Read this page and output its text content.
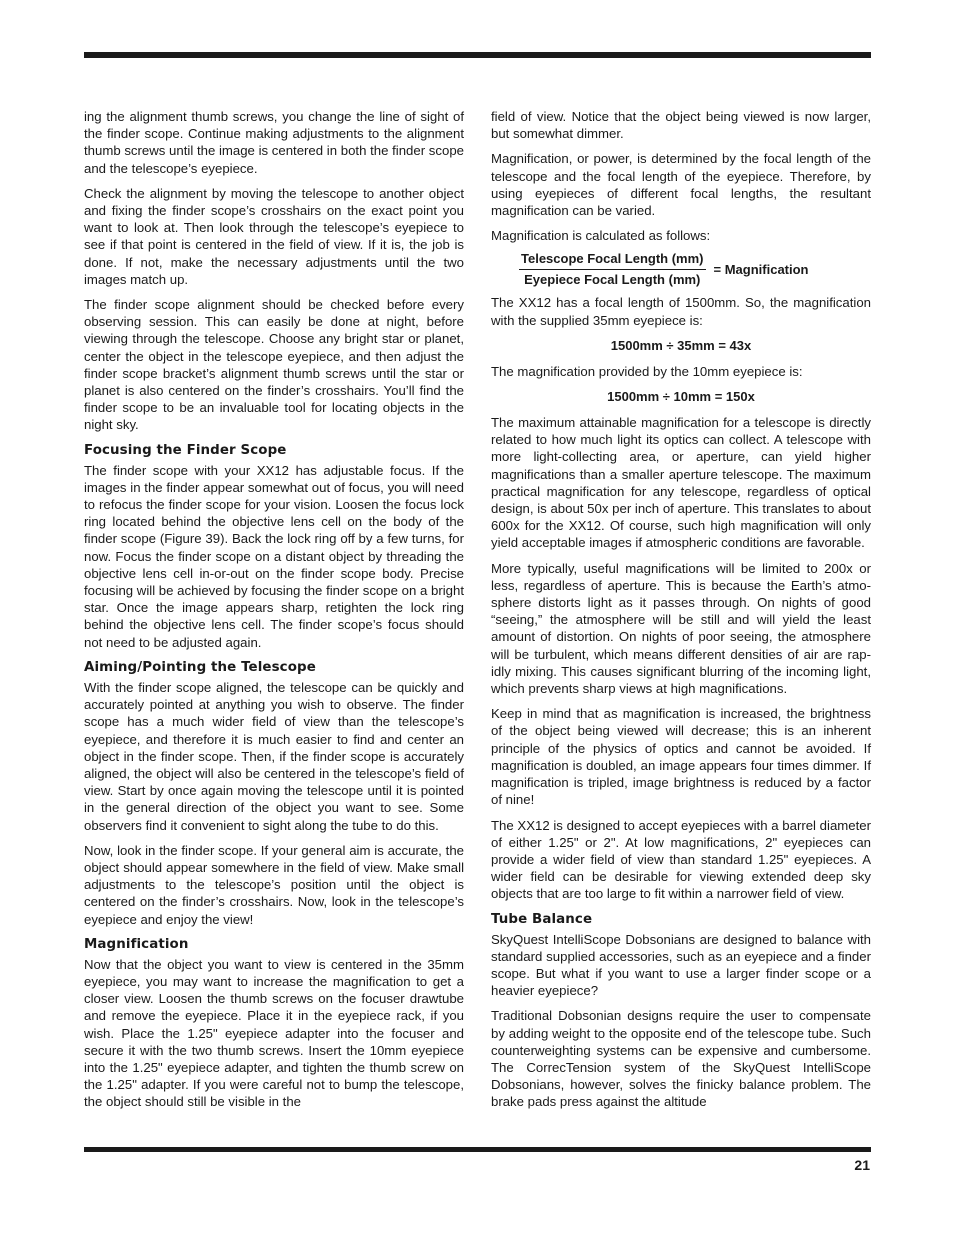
ing the alignment thumb screws, you change the line of sight of the finder scope. Continue making adjustments to the alignment thumb screws until the image is centered in both the finder scope and the telescope’s eyepiece.

Check the alignment by moving the telescope to another object and fixing the finder scope’s crosshairs on the exact point you want to look at. Then look through the telescope’s eyepiece to see if that point is centered in the field of view. If it is, the job is done. If not, make the necessary adjustments until the two images match up.

The finder scope alignment should be checked before every observing session. This can easily be done at night, before viewing through the telescope. Choose any bright star or planet, center the object in the telescope eyepiece, and then adjust the finder scope bracket’s alignment thumb screws until the star or planet is also centered on the finder’s crosshairs. You’ll find the finder scope to be an invaluable tool for locating objects in the night sky.

Focusing the Finder Scope

The finder scope with your XX12 has adjustable focus. If the images in the finder appear somewhat out of focus, you will need to refocus the finder scope for your vision. Loosen the focus lock ring located behind the objective lens cell on the body of the finder scope (Figure 39). Back the lock ring off by a few turns, for now. Focus the finder scope on a distant object by threading the objective lens cell in-or-out on the finder scope body. Precise focusing will be achieved by focusing the finder scope on a bright star. Once the image appears sharp, retighten the lock ring behind the objective lens cell. The finder scope’s focus should not need to be adjusted again.

Aiming/Pointing the Telescope

With the finder scope aligned, the telescope can be quickly and accurately pointed at anything you wish to observe. The finder scope has a much wider field of view than the telescope’s eyepiece, and therefore it is much easier to find and center an object in the finder scope. Then, if the finder scope is accurately aligned, the object will also be centered in the telescope’s field of view. Start by once again moving the telescope until it is pointed in the general direction of the object you want to see. Some observers find it convenient to sight along the tube to do this.

Now, look in the finder scope. If your general aim is accurate, the object should appear somewhere in the field of view. Make small adjustments to the telescope’s position until the object is centered on the finder’s crosshairs. Now, look in the telescope’s eyepiece and enjoy the view!

Magnification

Now that the object you want to view is centered in the 35mm eyepiece, you may want to increase the magnification to get a closer view. Loosen the thumb screws on the focuser drawtube and remove the eyepiece. Place it in the eyepiece rack, if you wish. Place the 1.25" eyepiece adapter into the focuser and secure it with the two thumb screws. Insert the 10mm eyepiece into the 1.25" eyepiece adapter, and tighten the thumb screw on the 1.25" adapter. If you were careful not to bump the telescope, the object should still be visible in the

field of view. Notice that the object being viewed is now larger, but somewhat dimmer.

Magnification, or power, is determined by the focal length of the telescope and the focal length of the eyepiece. Therefore, by using eyepieces of different focal lengths, the resultant magnification can be varied.

Magnification is calculated as follows:

$\frac{\text{Telescope Focal Length (mm)}}{\text{Eyepiece Focal Length (mm)}}$ = Magnification

The XX12 has a focal length of 1500mm. So, the magnification with the supplied 35mm eyepiece is:

1500mm ÷ 35mm = 43x

The magnification provided by the 10mm eyepiece is:

1500mm ÷ 10mm = 150x

The maximum attainable magnification for a telescope is directly related to how much light its optics can collect. A telescope with more light-collecting area, or aperture, can yield higher magnifications than a smaller aperture telescope. The maximum practical magnification for any telescope, regardless of optical design, is about 50x per inch of aperture. This translates to about 600x for the XX12. Of course, such high magnification will only yield acceptable images if atmospheric conditions are favorable.

More typically, useful magnifications will be limited to 200x or less, regardless of aperture. This is because the Earth’s atmosphere distorts light as it passes through. On nights of good “seeing,” the atmosphere will be still and will yield the least amount of distortion. On nights of poor seeing, the atmosphere will be turbulent, which means different densities of air are rapidly mixing. This causes significant blurring of the incoming light, which prevents sharp views at high magnifications.

Keep in mind that as magnification is increased, the brightness of the object being viewed will decrease; this is an inherent principle of the physics of optics and cannot be avoided. If magnification is doubled, an image appears four times dimmer. If magnification is tripled, image brightness is reduced by a factor of nine!

The XX12 is designed to accept eyepieces with a barrel diameter of either 1.25" or 2". At low magnifications, 2" eyepieces can provide a wider field of view than standard 1.25" eyepieces. A wider field can be desirable for viewing extended deep sky objects that are too large to fit within a narrower field of view.

Tube Balance

SkyQuest IntelliScope Dobsonians are designed to balance with standard supplied accessories, such as an eyepiece and a finder scope. But what if you want to use a larger finder scope or a heavier eyepiece?

Traditional Dobsonian designs require the user to compensate by adding weight to the opposite end of the telescope tube. Such counterweighting systems can be expensive and cumbersome. The CorrecTension system of the SkyQuest IntelliScope Dobsonians, however, solves the finicky balance problem. The brake pads press against the altitude

21
